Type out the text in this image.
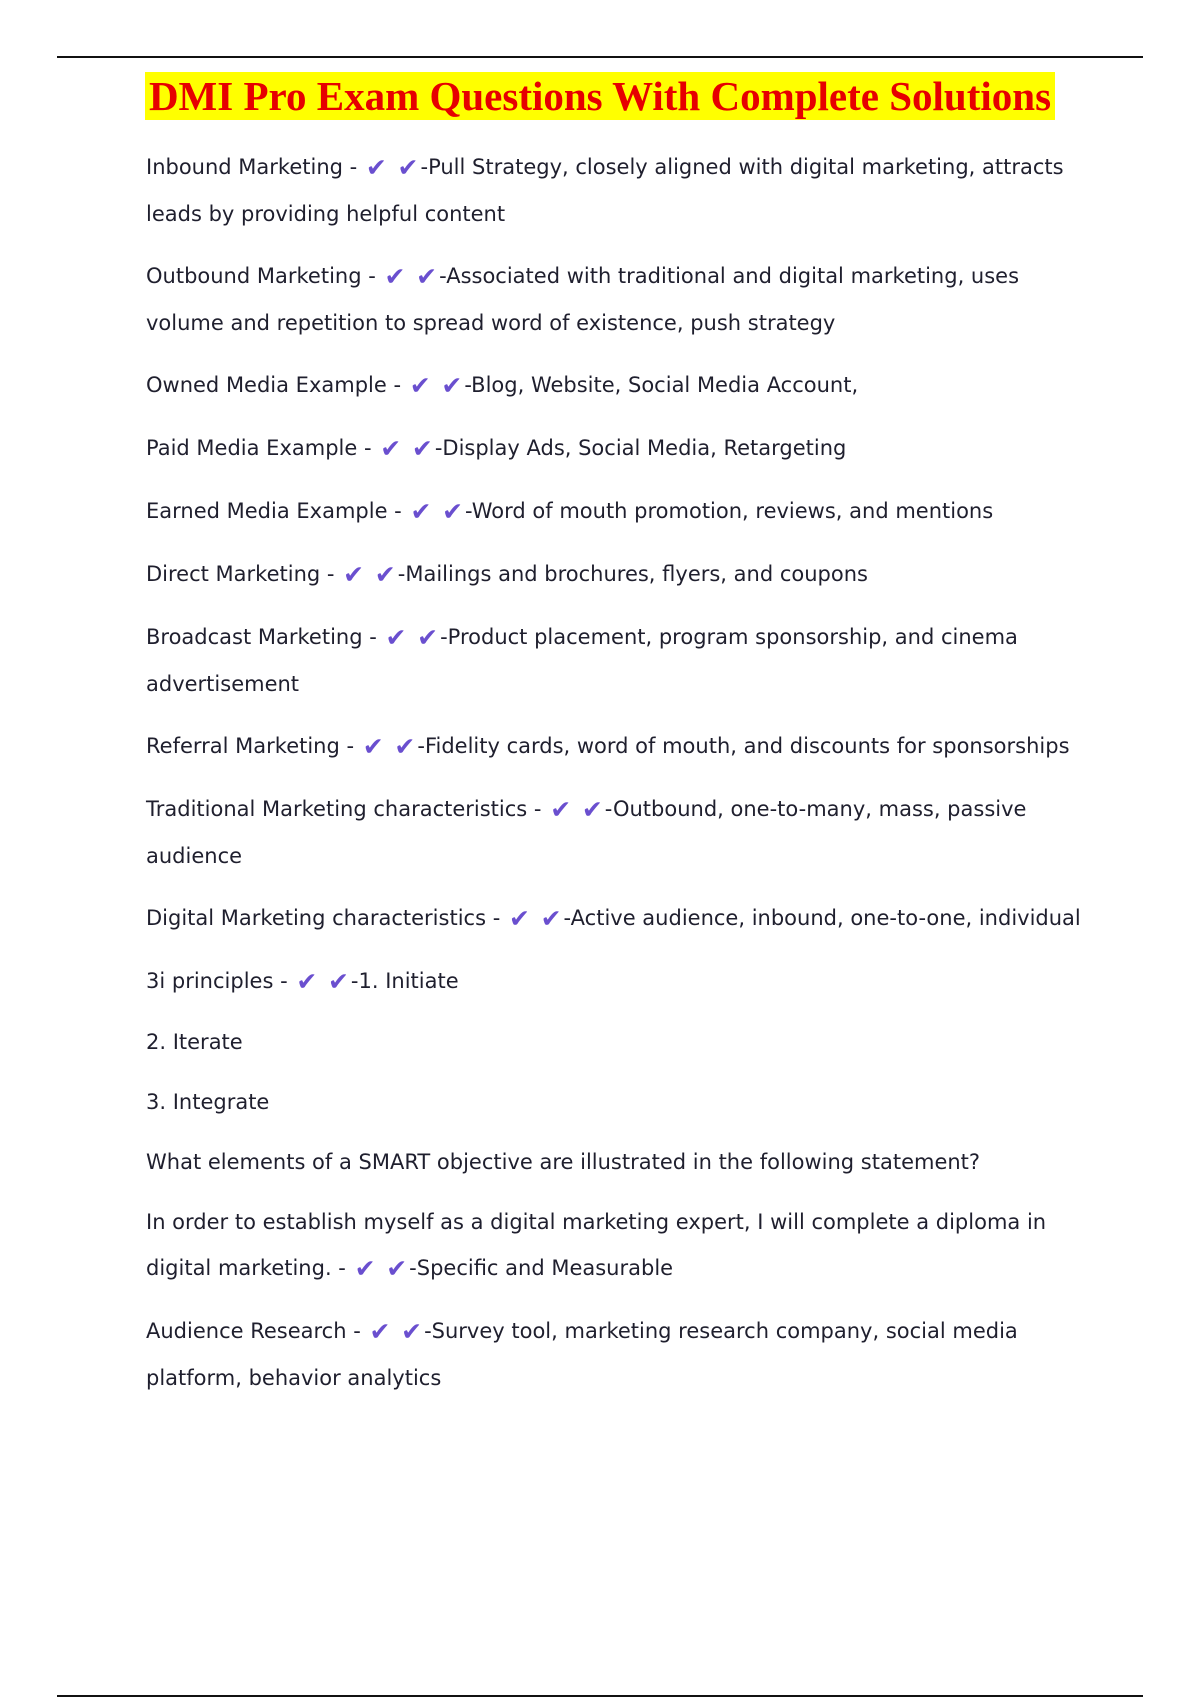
DMI Pro Exam Questions With Complete Solutions

Inbound Marketing - ✔ ✔-Pull Strategy, closely aligned with digital marketing, attracts leads by providing helpful content

Outbound Marketing - ✔ ✔-Associated with traditional and digital marketing, uses volume and repetition to spread word of existence, push strategy

Owned Media Example - ✔ ✔-Blog, Website, Social Media Account,

Paid Media Example - ✔ ✔-Display Ads, Social Media, Retargeting

Earned Media Example - ✔ ✔-Word of mouth promotion, reviews, and mentions

Direct Marketing - ✔ ✔-Mailings and brochures, flyers, and coupons

Broadcast Marketing - ✔ ✔-Product placement, program sponsorship, and cinema advertisement

Referral Marketing - ✔ ✔-Fidelity cards, word of mouth, and discounts for sponsorships

Traditional Marketing characteristics - ✔ ✔-Outbound, one-to-many, mass, passive audience

Digital Marketing characteristics - ✔ ✔-Active audience, inbound, one-to-one, individual

3i principles - ✔ ✔-1. Initiate

2. Iterate

3. Integrate

What elements of a SMART objective are illustrated in the following statement?

In order to establish myself as a digital marketing expert, I will complete a diploma in digital marketing. - ✔ ✔-Specific and Measurable

Audience Research - ✔ ✔-Survey tool, marketing research company, social media platform, behavior analytics
